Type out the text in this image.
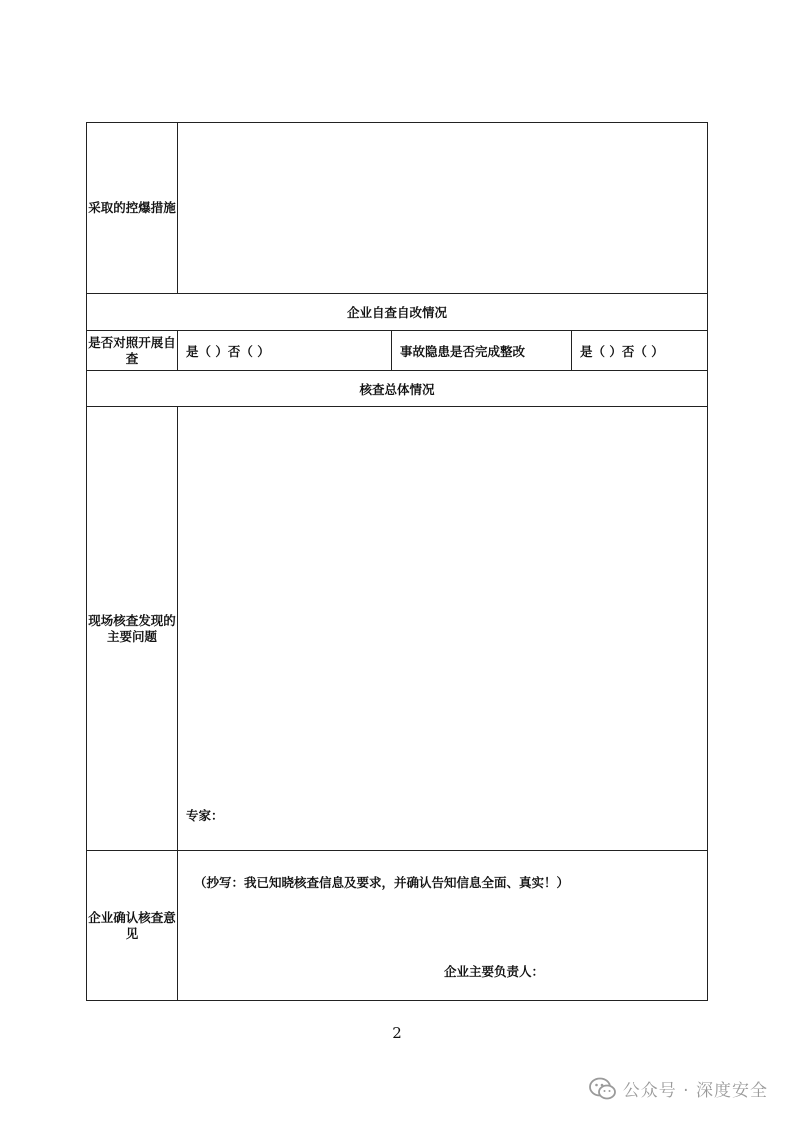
采取的控爆措施			
企业自查自改情况			
是否对照开展自查	是（ ）否（ ）	事故隐患是否完成整改	是（ ）否（ ）
核查总体情况			
现场核查发现的主要问题	专家：		

企业确认核查意见	（抄写：我已知晓核查信息及要求，并确认告知信息全面、真实！）
企业主要负责人：		
2
公众号 · 深度安全
